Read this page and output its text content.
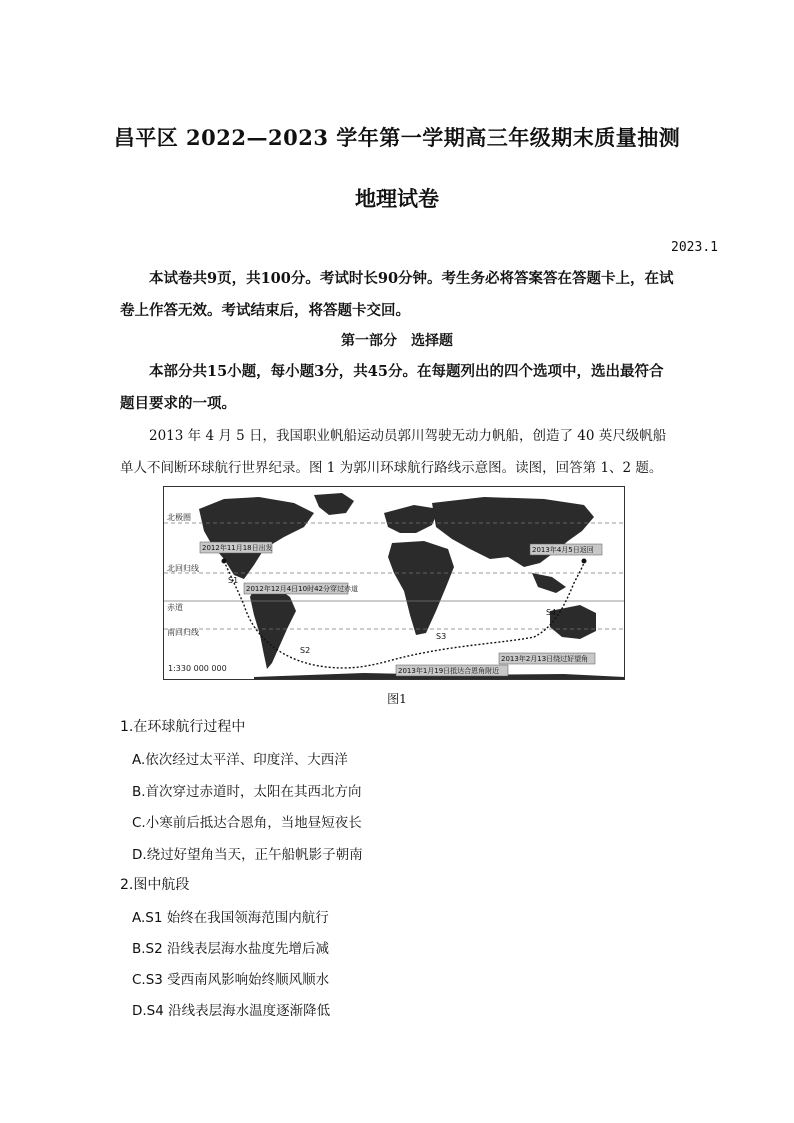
昌平区 2022—2023 学年第一学期高三年级期末质量抽测
地理试卷
2023.1
本试卷共9页，共100分。考试时长90分钟。考生务必将答案答在答题卡上，在试卷上作答无效。考试结束后，将答题卡交回。
第一部分　选择题
本部分共15小题，每小题3分，共45分。在每题列出的四个选项中，选出最符合题目要求的一项。
2013 年 4 月 5 日，我国职业帆船运动员郭川驾驶无动力帆船，创造了 40 英尺级帆船单人不间断环球航行世界纪录。图 1 为郭川环球航行路线示意图。读图，回答第 1、2 题。
北极圈
北回归线
赤道
南回归线
1:330 000 000
青岛	青岛
S1
S2
S3
S4
2012年11月18日出发
2012年12月4日10时42分穿过赤道
2013年1月19日抵达合恩角附近
2013年2月13日绕过好望角
2013年4月5日返回
图1
1.在环球航行过程中
A.依次经过太平洋、印度洋、大西洋
B.首次穿过赤道时，太阳在其西北方向
C.小寒前后抵达合恩角，当地昼短夜长
D.绕过好望角当天，正午船帆影子朝南
2.图中航段
A.S1 始终在我国领海范围内航行
B.S2 沿线表层海水盐度先增后减
C.S3 受西南风影响始终顺风顺水
D.S4 沿线表层海水温度逐渐降低
